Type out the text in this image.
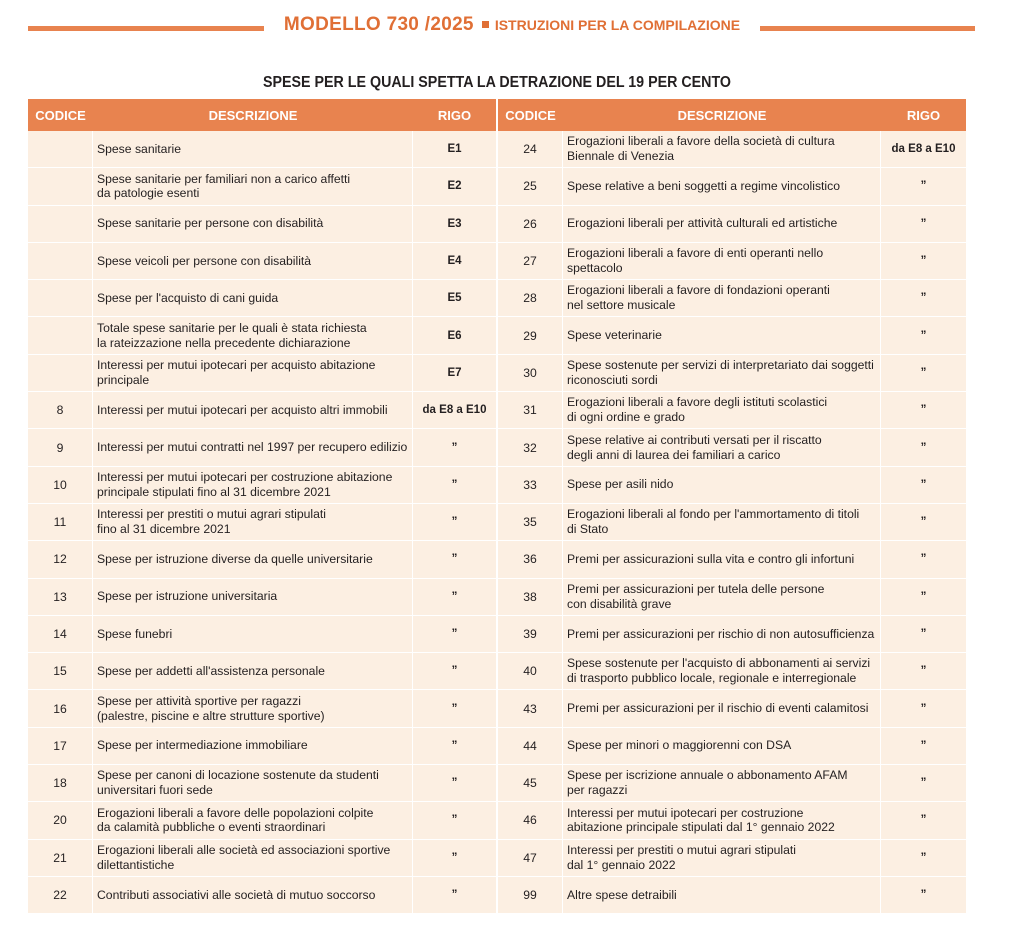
MODELLO 730 /2025 ISTRUZIONI PER LA COMPILAZIONE
SPESE PER LE QUALI SPETTA LA DETRAZIONE DEL 19 PER CENTO
CODICE	DESCRIZIONE	RIGO
Spese sanitarie	E1
Spese sanitarie per familiari non a carico affetti
da patologie esenti	E2
Spese sanitarie per persone con disabilità	E3
Spese veicoli per persone con disabilità	E4
Spese per l'acquisto di cani guida	E5
Totale spese sanitarie per le quali è stata richiesta
la rateizzazione nella precedente dichiarazione	E6
Interessi per mutui ipotecari per acquisto abitazione
principale	E7
8	Interessi per mutui ipotecari per acquisto altri immobili	da E8 a E10
9	Interessi per mutui contratti nel 1997 per recupero edilizio	”
10
Interessi per mutui ipotecari per costruzione abitazione
principale stipulati fino al 31 dicembre 2021	”
11
Interessi per prestiti o mutui agrari stipulati
fino al 31 dicembre 2021	”
12	Spese per istruzione diverse da quelle universitarie	”
13	Spese per istruzione universitaria	”
14	Spese funebri	”
15	Spese per addetti all'assistenza personale	”
16
Spese per attività sportive per ragazzi
(palestre, piscine e altre strutture sportive)	”
17	Spese per intermediazione immobiliare	”
18
Spese per canoni di locazione sostenute da studenti
universitari fuori sede	”
20
Erogazioni liberali a favore delle popolazioni colpite
da calamità pubbliche o eventi straordinari	”
21
Erogazioni liberali alle società ed associazioni sportive
dilettantistiche	”
22	Contributi associativi alle società di mutuo soccorso	”
CODICE	DESCRIZIONE	RIGO
24
Erogazioni liberali a favore della società di cultura
Biennale di Venezia	da E8 a E10
25	Spese relative a beni soggetti a regime vincolistico	”
26	Erogazioni liberali per attività culturali ed artistiche	”
27
Erogazioni liberali a favore di enti operanti nello spettacolo	”
28
Erogazioni liberali a favore di fondazioni operanti
nel settore musicale	”
29	Spese veterinarie	”
30
Spese sostenute per servizi di interpretariato dai soggetti
riconosciuti sordi	”
31
Erogazioni liberali a favore degli istituti scolastici
di ogni ordine e grado	”
32
Spese relative ai contributi versati per il riscatto
degli anni di laurea dei familiari a carico	”
33	Spese per asili nido	”
35
Erogazioni liberali al fondo per l'ammortamento di titoli
di Stato	”
36	Premi per assicurazioni sulla vita e contro gli infortuni	”
38
Premi per assicurazioni per tutela delle persone
con disabilità grave	”
39	Premi per assicurazioni per rischio di non autosufficienza	”
40
Spese sostenute per l'acquisto di abbonamenti ai servizi
di trasporto pubblico locale, regionale e interregionale	”
43	Premi per assicurazioni per il rischio di eventi calamitosi	”
44	Spese per minori o maggiorenni con DSA	”
45
Spese per iscrizione annuale o abbonamento AFAM
per ragazzi	”
46
Interessi per mutui ipotecari per costruzione
abitazione principale stipulati dal 1° gennaio 2022	”
47
Interessi per prestiti o mutui agrari stipulati
dal 1° gennaio 2022	”
99	Altre spese detraibili	”
